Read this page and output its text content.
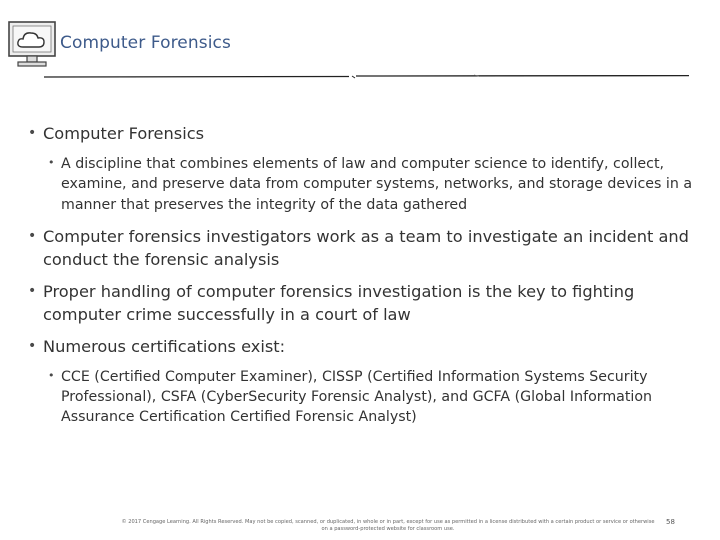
Computer Forensics
• Computer Forensics
• A discipline that combines elements of law and computer science to identify, collect, examine, and preserve data from computer systems, networks, and storage devices in a manner that preserves the integrity of the data gathered
• Computer forensics investigators work as a team to investigate an incident and conduct the forensic analysis
• Proper handling of computer forensics investigation is the key to fighting computer crime successfully in a court of law
• Numerous certifications exist:
• CCE (Certified Computer Examiner), CISSP (Certified Information Systems Security Professional), CSFA (CyberSecurity Forensic Analyst), and GCFA (Global Information Assurance Certification Certified Forensic Analyst)
© 2017 Cengage Learning. All Rights Reserved. May not be copied, scanned, or duplicated, in whole or in part, except for use as permitted in a license distributed with a certain product or service or otherwise on a password-protected website for classroom use.
58
